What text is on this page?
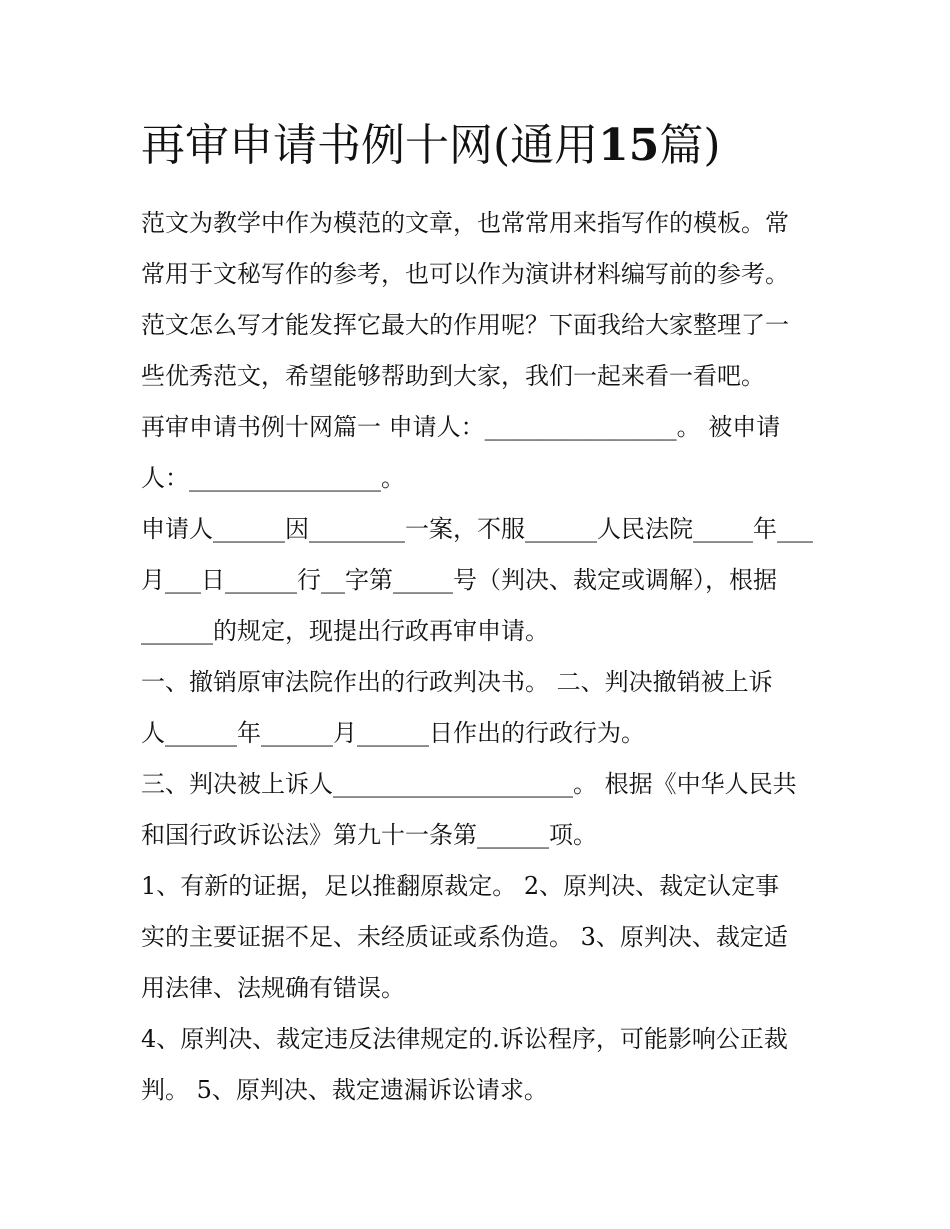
再审申请书例十网(通用15篇)
范文为教学中作为模范的文章，也常常用来指写作的模板。常
常用于文秘写作的参考，也可以作为演讲材料编写前的参考。
范文怎么写才能发挥它最大的作用呢？下面我给大家整理了一
些优秀范文，希望能够帮助到大家，我们一起来看一看吧。
再审申请书例十网篇一 申请人：________________。 被申请
人：________________。
申请人______因________一案，不服______人民法院_____年___
月___日______行__字第_____号（判决、裁定或调解），根据
______的规定，现提出行政再审申请。
一、撤销原审法院作出的行政判决书。 二、判决撤销被上诉
人______年______月______日作出的行政行为。
三、判决被上诉人____________________。 根据《中华人民共
和国行政诉讼法》第九十一条第______项。
1、有新的证据，足以推翻原裁定。 2、原判决、裁定认定事
实的主要证据不足、未经质证或系伪造。 3、原判决、裁定适
用法律、法规确有错误。
4、原判决、裁定违反法律规定的.诉讼程序，可能影响公正裁
判。 5、原判决、裁定遗漏诉讼请求。
